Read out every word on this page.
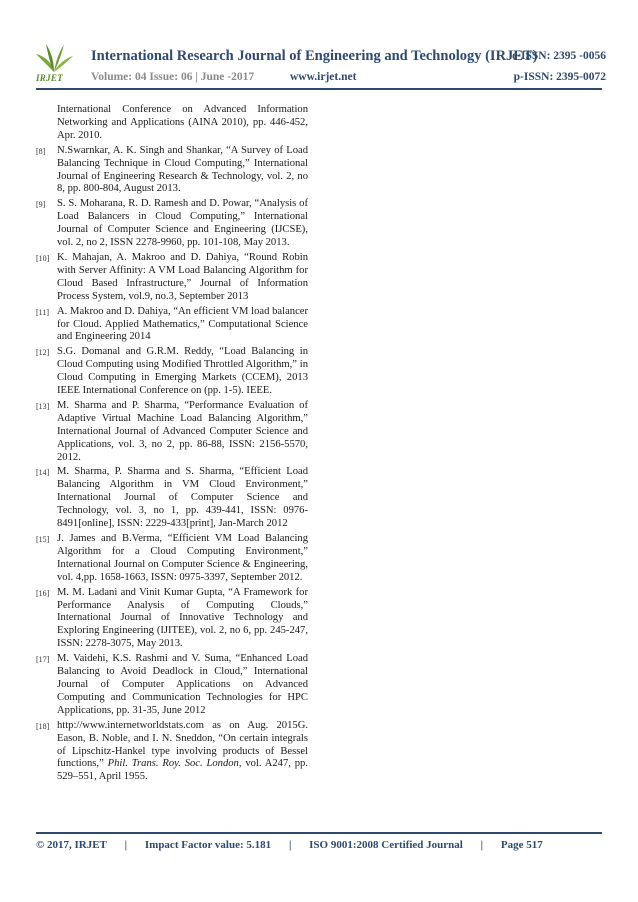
IRJET
International Research Journal of Engineering and Technology (IRJET)
e-ISSN: 2395 -0056
Volume: 04 Issue: 06 | June -2017	www.irjet.net	p-ISSN: 2395-0072
International Conference on Advanced Information Networking and Applications (AINA 2010), pp. 446-452, Apr. 2010.
[8] N.Swarnkar, A. K. Singh and Shankar, “A Survey of Load Balancing Technique in Cloud Computing,” International Journal of Engineering Research & Technology, vol. 2, no 8, pp. 800-804, August 2013.
[9] S. S. Moharana, R. D. Ramesh and D. Powar, “Analysis of Load Balancers in Cloud Computing,” International Journal of Computer Science and Engineering (IJCSE), vol. 2, no 2, ISSN 2278-9960, pp. 101-108, May 2013.
[10] K. Mahajan, A. Makroo and D. Dahiya, “Round Robin with Server Affinity: A VM Load Balancing Algorithm for Cloud Based Infrastructure,” Journal of Information Process System, vol.9, no.3, September 2013
[11] A. Makroo and D. Dahiya, “An efficient VM load balancer for Cloud. Applied Mathematics,” Computational Science and Engineering 2014
[12] S.G. Domanal and G.R.M. Reddy, “Load Balancing in Cloud Computing using Modified Throttled Algorithm,” in Cloud Computing in Emerging Markets (CCEM), 2013 IEEE International Conference on (pp. 1-5). IEEE.
[13] M. Sharma and P. Sharma, “Performance Evaluation of Adaptive Virtual Machine Load Balancing Algorithm,” International Journal of Advanced Computer Science and Applications, vol. 3, no 2, pp. 86-88, ISSN: 2156-5570, 2012.
[14] M. Sharma, P. Sharma and S. Sharma, “Efficient Load Balancing Algorithm in VM Cloud Environment,” International Journal of Computer Science and Technology, vol. 3, no 1, pp. 439-441, ISSN: 0976-8491[online], ISSN: 2229-433[print], Jan-March 2012
[15] J. James and B.Verma, “Efficient VM Load Balancing Algorithm for a Cloud Computing Environment,” International Journal on Computer Science & Engineering, vol. 4,pp. 1658-1663, ISSN: 0975-3397, September 2012.
[16] M. M. Ladani and Vinit Kumar Gupta, “A Framework for Performance Analysis of Computing Clouds,” International Journal of Innovative Technology and Exploring Engineering (IJITEE), vol. 2, no 6, pp. 245-247, ISSN: 2278-3075, May 2013.
[17] M. Vaidehi, K.S. Rashmi and V. Suma, “Enhanced Load Balancing to Avoid Deadlock in Cloud,” International Journal of Computer Applications on Advanced Computing and Communication Technologies for HPC Applications, pp. 31-35, June 2012
[18] http://www.internetworldstats.com as on Aug. 2015G. Eason, B. Noble, and I. N. Sneddon, “On certain integrals of Lipschitz-Hankel type involving products of Bessel functions,” Phil. Trans. Roy. Soc. London, vol. A247, pp. 529–551, April 1955.
© 2017, IRJET | Impact Factor value: 5.181 | ISO 9001:2008 Certified Journal | Page 517
